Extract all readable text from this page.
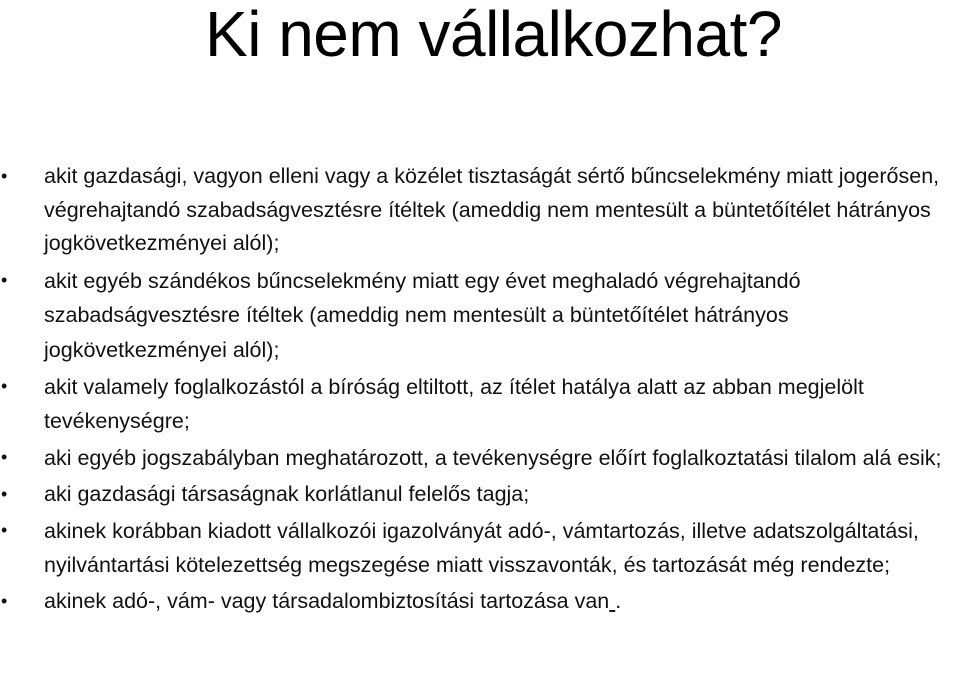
Ki nem vállalkozhat?
• akit gazdasági, vagyon elleni vagy a közélet tisztaságát sértő bűncselekmény miatt jogerősen, végrehajtandó szabadságvesztésre ítéltek (ameddig nem mentesült a büntetőítélet hátrányos jogkövetkezményei alól);
• akit egyéb szándékos bűncselekmény miatt egy évet meghaladó végrehajtandó szabadságvesztésre ítéltek (ameddig nem mentesült a büntetőítélet hátrányos jogkövetkezményei alól);
• akit valamely foglalkozástól a bíróság eltiltott, az ítélet hatálya alatt az abban megjelölt tevékenységre;
• aki egyéb jogszabályban meghatározott, a tevékenységre előírt foglalkoztatási tilalom alá esik;
• aki gazdasági társaságnak korlátlanul felelős tagja;
• akinek korábban kiadott vállalkozói igazolványát adó-, vámtartozás, illetve adatszolgáltatási, nyilvántartási kötelezettség megszegése miatt visszavonták, és tartozását még rendezte;
• akinek adó-, vám- vagy társadalombiztosítási tartozása van .
